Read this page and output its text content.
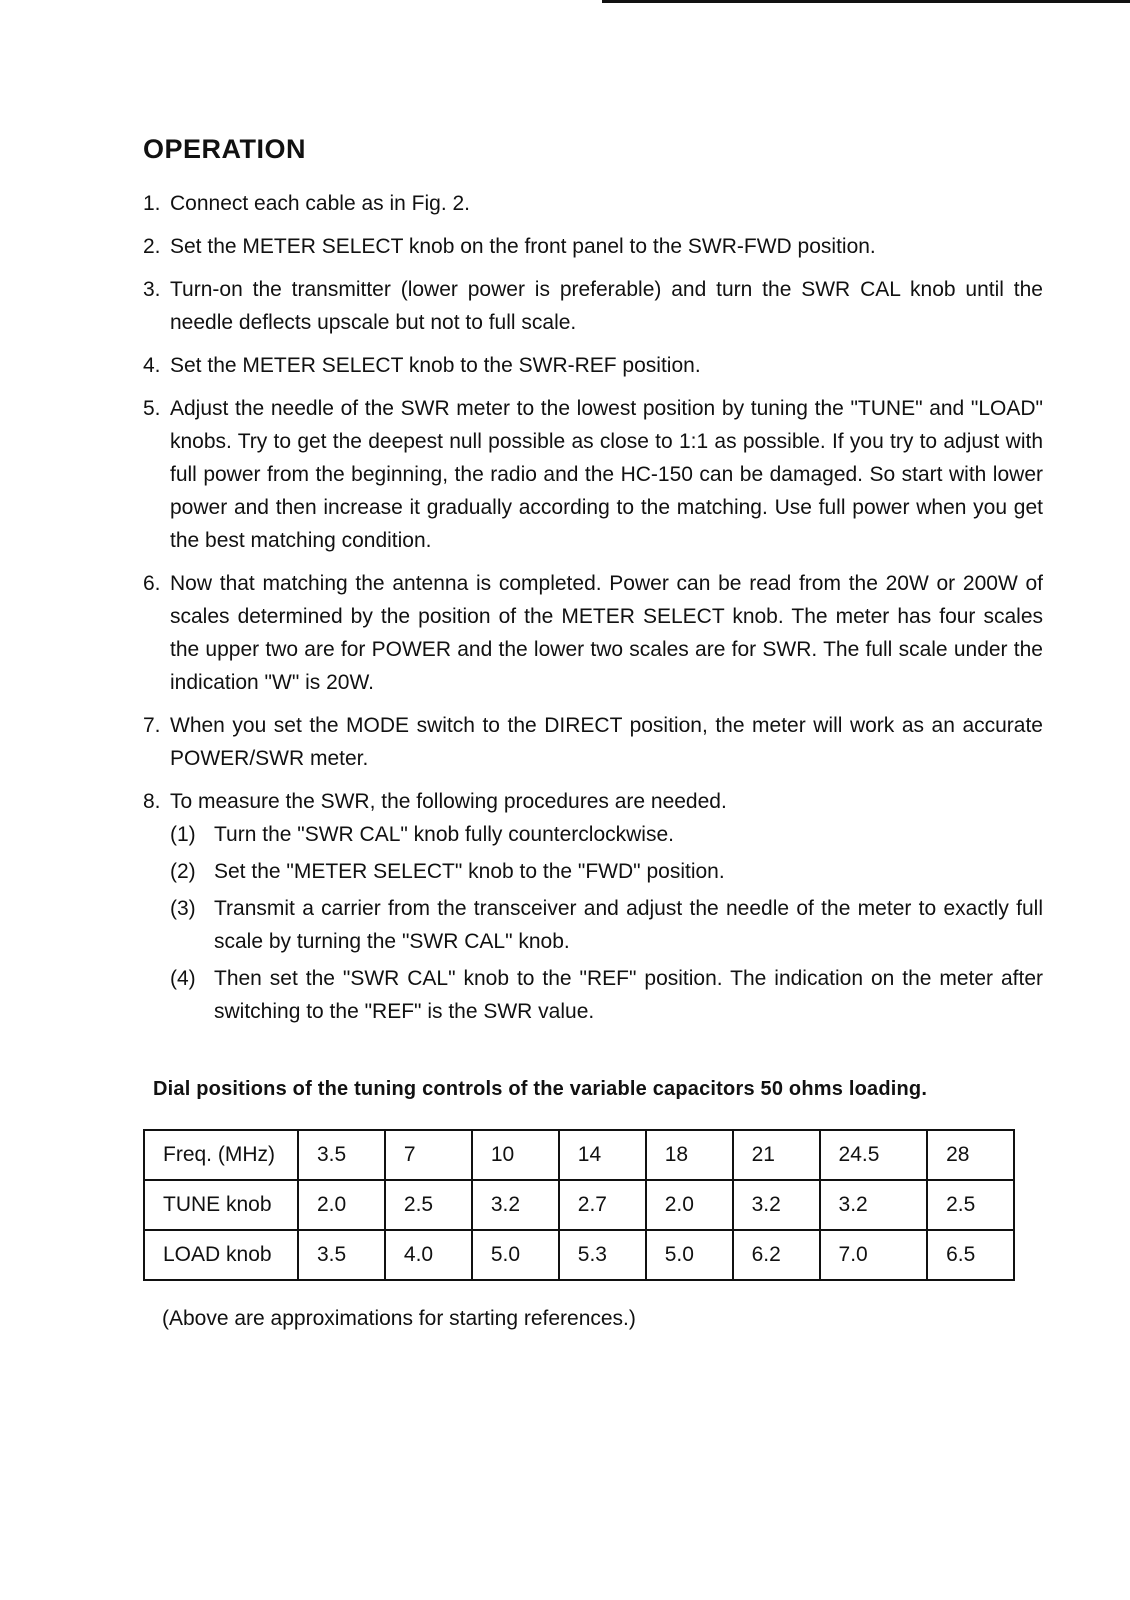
OPERATION
1. Connect each cable as in Fig. 2.
2. Set the METER SELECT knob on the front panel to the SWR-FWD position.
3. Turn-on the transmitter (lower power is preferable) and turn the SWR CAL knob until the needle deflects upscale but not to full scale.
4. Set the METER SELECT knob to the SWR-REF position.
5. Adjust the needle of the SWR meter to the lowest position by tuning the "TUNE" and "LOAD" knobs. Try to get the deepest null possible as close to 1:1 as possible. If you try to adjust with full power from the beginning, the radio and the HC-150 can be damaged. So start with lower power and then increase it gradually according to the matching. Use full power when you get the best matching condition.
6. Now that matching the antenna is completed. Power can be read from the 20W or 200W of scales determined by the position of the METER SELECT knob. The meter has four scales the upper two are for POWER and the lower two scales are for SWR. The full scale under the indication "W" is 20W.
7. When you set the MODE switch to the DIRECT position, the meter will work as an accurate POWER/SWR meter.
8. To measure the SWR, the following procedures are needed.
(1) Turn the "SWR CAL" knob fully counterclockwise.
(2) Set the "METER SELECT" knob to the "FWD" position.
(3) Transmit a carrier from the transceiver and adjust the needle of the meter to exactly full scale by turning the "SWR CAL" knob.
(4) Then set the "SWR CAL" knob to the "REF" position. The indication on the meter after switching to the "REF" is the SWR value.
Dial positions of the tuning controls of the variable capacitors 50 ohms loading.
Freq. (MHz)	3.5	7	10	14	18	21	24.5	28
TUNE knob	2.0	2.5	3.2	2.7	2.0	3.2	3.2	2.5
LOAD knob	3.5	4.0	5.0	5.3	5.0	6.2	7.0	6.5
(Above are approximations for starting references.)
